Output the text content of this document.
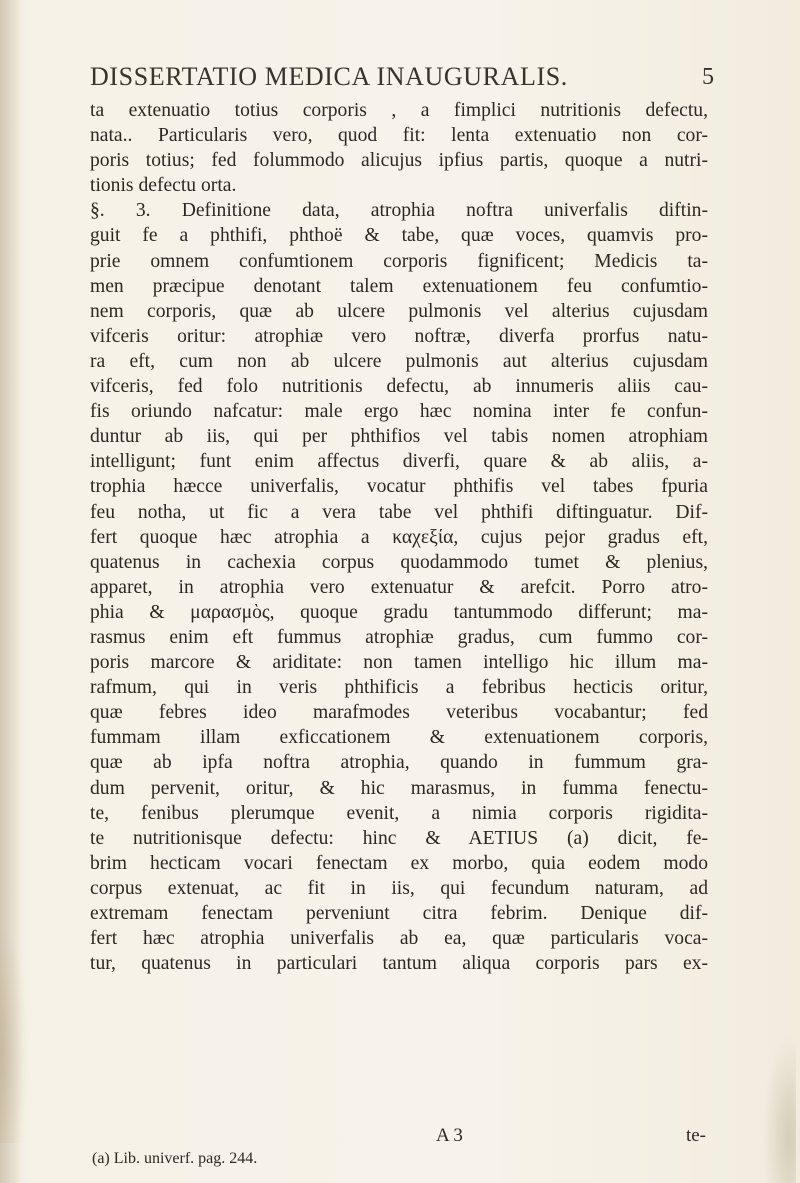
DISSERTATIO MEDICA INAUGURALIS.	5
ta extenuatio totius corporis , a fimplici nutritionis defectu,
nata.. Particularis vero, quod fit: lenta extenuatio non cor-
poris totius; fed folummodo alicujus ipfius partis, quoque a nutri-
tionis defectu orta.
§. 3. Definitione data, atrophia noftra univerfalis diftin-
guit fe a phthifi, phthoë & tabe, quæ voces, quamvis pro-
prie omnem confumtionem corporis fignificent; Medicis ta-
men præcipue denotant talem extenuationem feu confumtio-
nem corporis, quæ ab ulcere pulmonis vel alterius cujusdam
vifceris oritur: atrophiæ vero noftræ, diverfa prorfus natu-
ra eft, cum non ab ulcere pulmonis aut alterius cujusdam
vifceris, fed folo nutritionis defectu, ab innumeris aliis cau-
fis oriundo nafcatur: male ergo hæc nomina inter fe confun-
duntur ab iis, qui per phthifios vel tabis nomen atrophiam
intelligunt; funt enim affectus diverfi, quare & ab aliis, a-
trophia hæcce univerfalis, vocatur phthifis vel tabes fpuria
feu notha, ut fic a vera tabe vel phthifi diftinguatur. Dif-
fert quoque hæc atrophia a καχεξία, cujus pejor gradus eft,
quatenus in cachexia corpus quodammodo tumet & plenius,
apparet, in atrophia vero extenuatur & arefcit. Porro atro-
phia & μαρασμὸς, quoque gradu tantummodo differunt; ma-
rasmus enim eft fummus atrophiæ gradus, cum fummo cor-
poris marcore & ariditate: non tamen intelligo hic illum ma-
rafmum, qui in veris phthificis a febribus hecticis oritur,
quæ febres ideo marafmodes veteribus vocabantur; fed
fummam illam exficcationem & extenuationem corporis,
quæ ab ipfa noftra atrophia, quando in fummum gra-
dum pervenit, oritur, & hic marasmus, in fumma fenectu-
te, fenibus plerumque evenit, a nimia corporis rigidita-
te nutritionisque defectu: hinc & AETIUS (a) dicit, fe-
brim hecticam vocari fenectam ex morbo, quia eodem modo
corpus extenuat, ac fit in iis, qui fecundum naturam, ad
extremam fenectam perveniunt citra febrim. Denique dif-
fert hæc atrophia univerfalis ab ea, quæ particularis voca-
tur, quatenus in particulari tantum aliqua corporis pars ex-
A 3	te-
(a) Lib. univerf. pag. 244.
